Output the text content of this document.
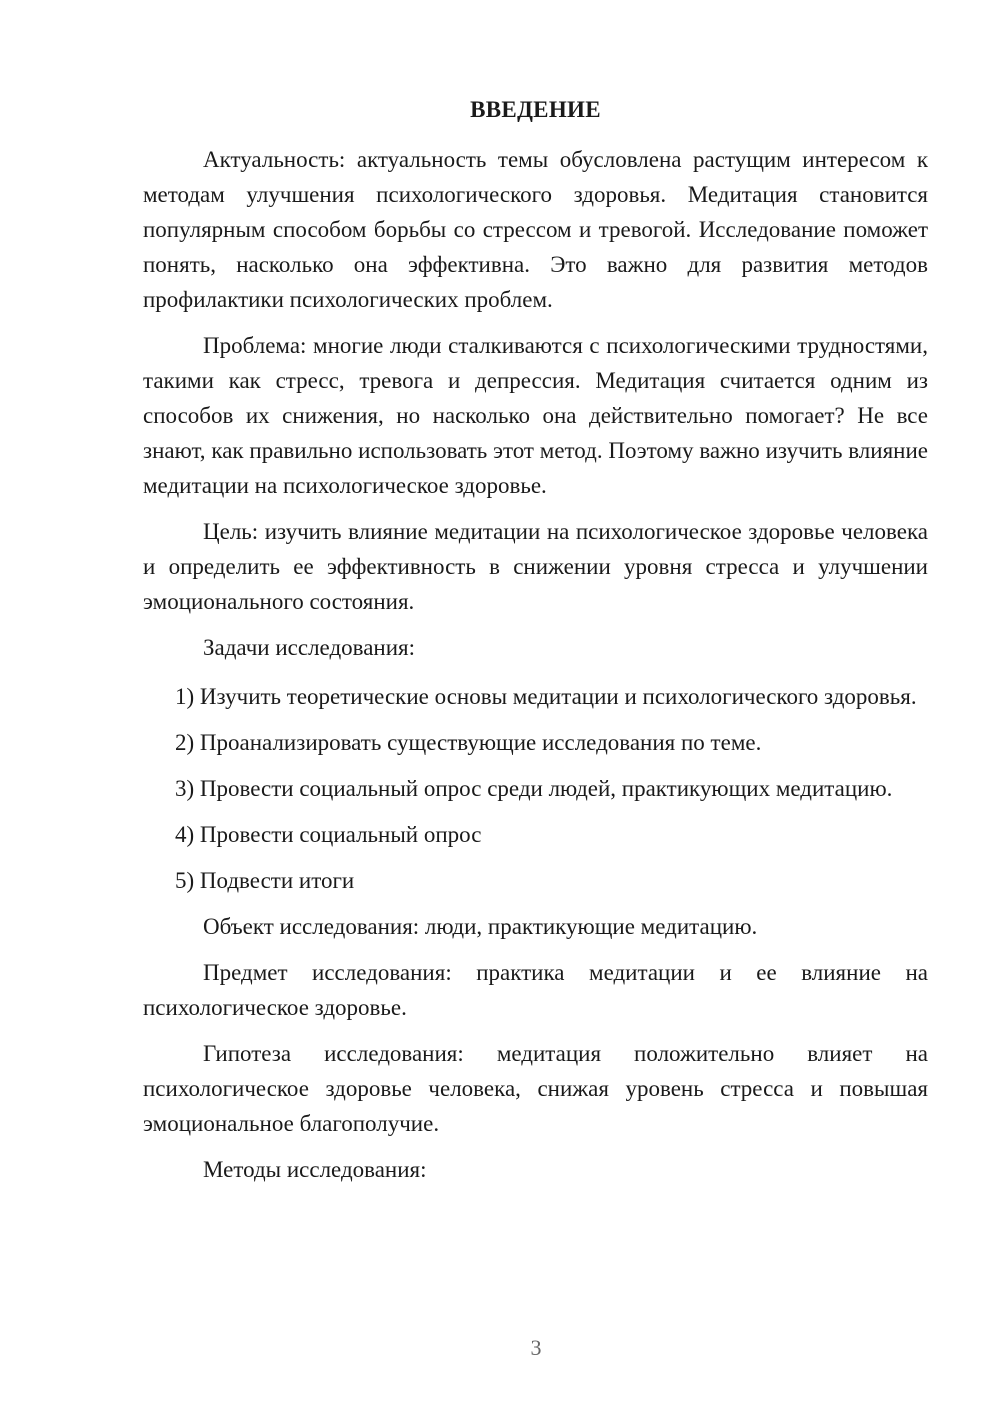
ВВЕДЕНИЕ

Актуальность: актуальность темы обусловлена растущим интересом к методам улучшения психологического здоровья. Медитация становится популярным способом борьбы со стрессом и тревогой. Исследование поможет понять, насколько она эффективна. Это важно для развития методов профилактики психологических проблем.

Проблема: многие люди сталкиваются с психологическими трудностями, такими как стресс, тревога и депрессия. Медитация считается одним из способов их снижения, но насколько она действительно помогает? Не все знают, как правильно использовать этот метод. Поэтому важно изучить влияние медитации на психологическое здоровье.

Цель: изучить влияние медитации на психологическое здоровье человека и определить ее эффективность в снижении уровня стресса и улучшении эмоционального состояния.

Задачи исследования:

1) Изучить теоретические основы медитации и психологического здоровья.

2) Проанализировать существующие исследования по теме.

3) Провести социальный опрос среди людей, практикующих медитацию.

4) Провести социальный опрос

5) Подвести итоги

Объект исследования: люди, практикующие медитацию.

Предмет исследования: практика медитации и ее влияние на психологическое здоровье.

Гипотеза исследования: медитация положительно влияет на психологическое здоровье человека, снижая уровень стресса и повышая эмоциональное благополучие.

Методы исследования:

3
